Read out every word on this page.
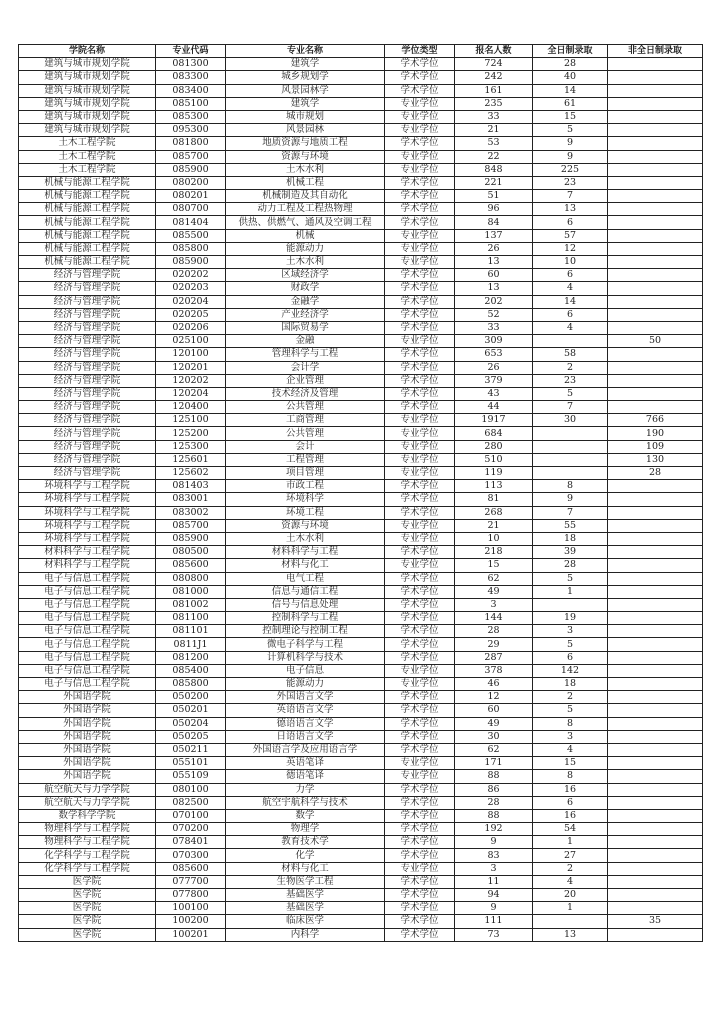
学院名称	专业代码	专业名称	学位类型	报名人数	全日制录取	非全日制录取
建筑与城市规划学院	081300	建筑学	学术学位	724	28	
建筑与城市规划学院	083300	城乡规划学	学术学位	242	40	
建筑与城市规划学院	083400	风景园林学	学术学位	161	14	
建筑与城市规划学院	085100	建筑学	专业学位	235	61	
建筑与城市规划学院	085300	城市规划	专业学位	33	15	
建筑与城市规划学院	095300	风景园林	专业学位	21	5	
土木工程学院	081800	地质资源与地质工程	学术学位	53	9	
土木工程学院	085700	资源与环境	专业学位	22	9	
土木工程学院	085900	土木水利	专业学位	848	225	
机械与能源工程学院	080200	机械工程	学术学位	221	23	
机械与能源工程学院	080201	机械制造及其自动化	学术学位	51	7	
机械与能源工程学院	080700	动力工程及工程热物理	学术学位	96	13	
机械与能源工程学院	081404	供热、供燃气、通风及空调工程	学术学位	84	6	
机械与能源工程学院	085500	机械	专业学位	137	57	
机械与能源工程学院	085800	能源动力	专业学位	26	12	
机械与能源工程学院	085900	土木水利	专业学位	13	10	
经济与管理学院	020202	区域经济学	学术学位	60	6	
经济与管理学院	020203	财政学	学术学位	13	4	
经济与管理学院	020204	金融学	学术学位	202	14	
经济与管理学院	020205	产业经济学	学术学位	52	6	
经济与管理学院	020206	国际贸易学	学术学位	33	4	
经济与管理学院	025100	金融	专业学位	309		50
经济与管理学院	120100	管理科学与工程	学术学位	653	58	
经济与管理学院	120201	会计学	学术学位	26	2	
经济与管理学院	120202	企业管理	学术学位	379	23	
经济与管理学院	120204	技术经济及管理	学术学位	43	5	
经济与管理学院	120400	公共管理	学术学位	44	7	
经济与管理学院	125100	工商管理	专业学位	1917	30	766
经济与管理学院	125200	公共管理	专业学位	684		190
经济与管理学院	125300	会计	专业学位	280		109
经济与管理学院	125601	工程管理	专业学位	510		130
经济与管理学院	125602	项目管理	专业学位	119		28
环境科学与工程学院	081403	市政工程	学术学位	113	8	
环境科学与工程学院	083001	环境科学	学术学位	81	9	
环境科学与工程学院	083002	环境工程	学术学位	268	7	
环境科学与工程学院	085700	资源与环境	专业学位	21	55	
环境科学与工程学院	085900	土木水利	专业学位	10	18	
材料科学与工程学院	080500	材料科学与工程	学术学位	218	39	
材料科学与工程学院	085600	材料与化工	专业学位	15	28	
电子与信息工程学院	080800	电气工程	学术学位	62	5	
电子与信息工程学院	081000	信息与通信工程	学术学位	49	1	
电子与信息工程学院	081002	信号与信息处理	学术学位	3		
电子与信息工程学院	081100	控制科学与工程	学术学位	144	19	
电子与信息工程学院	081101	控制理论与控制工程	学术学位	28	3	
电子与信息工程学院	0811J1	微电子科学与工程	学术学位	29	5	
电子与信息工程学院	081200	计算机科学与技术	学术学位	287	6	
电子与信息工程学院	085400	电子信息	专业学位	378	142	
电子与信息工程学院	085800	能源动力	专业学位	46	18	
外国语学院	050200	外国语言文学	学术学位	12	2	
外国语学院	050201	英语语言文学	学术学位	60	5	
外国语学院	050204	德语语言文学	学术学位	49	8	
外国语学院	050205	日语语言文学	学术学位	30	3	
外国语学院	050211	外国语言学及应用语言学	学术学位	62	4	
外国语学院	055101	英语笔译	专业学位	171	15	
外国语学院	055109	德语笔译	专业学位	88	8	
航空航天与力学学院	080100	力学	学术学位	86	16	
航空航天与力学学院	082500	航空宇航科学与技术	学术学位	28	6	
数学科学学院	070100	数学	学术学位	88	16	
物理科学与工程学院	070200	物理学	学术学位	192	54	
物理科学与工程学院	078401	教育技术学	学术学位	9	1	
化学科学与工程学院	070300	化学	学术学位	83	27	
化学科学与工程学院	085600	材料与化工	专业学位	3	2	
医学院	077700	生物医学工程	学术学位	11	4	
医学院	077800	基础医学	学术学位	94	20	
医学院	100100	基础医学	学术学位	9	1	
医学院	100200	临床医学	学术学位	111		35
医学院	100201	内科学	学术学位	73	13	
